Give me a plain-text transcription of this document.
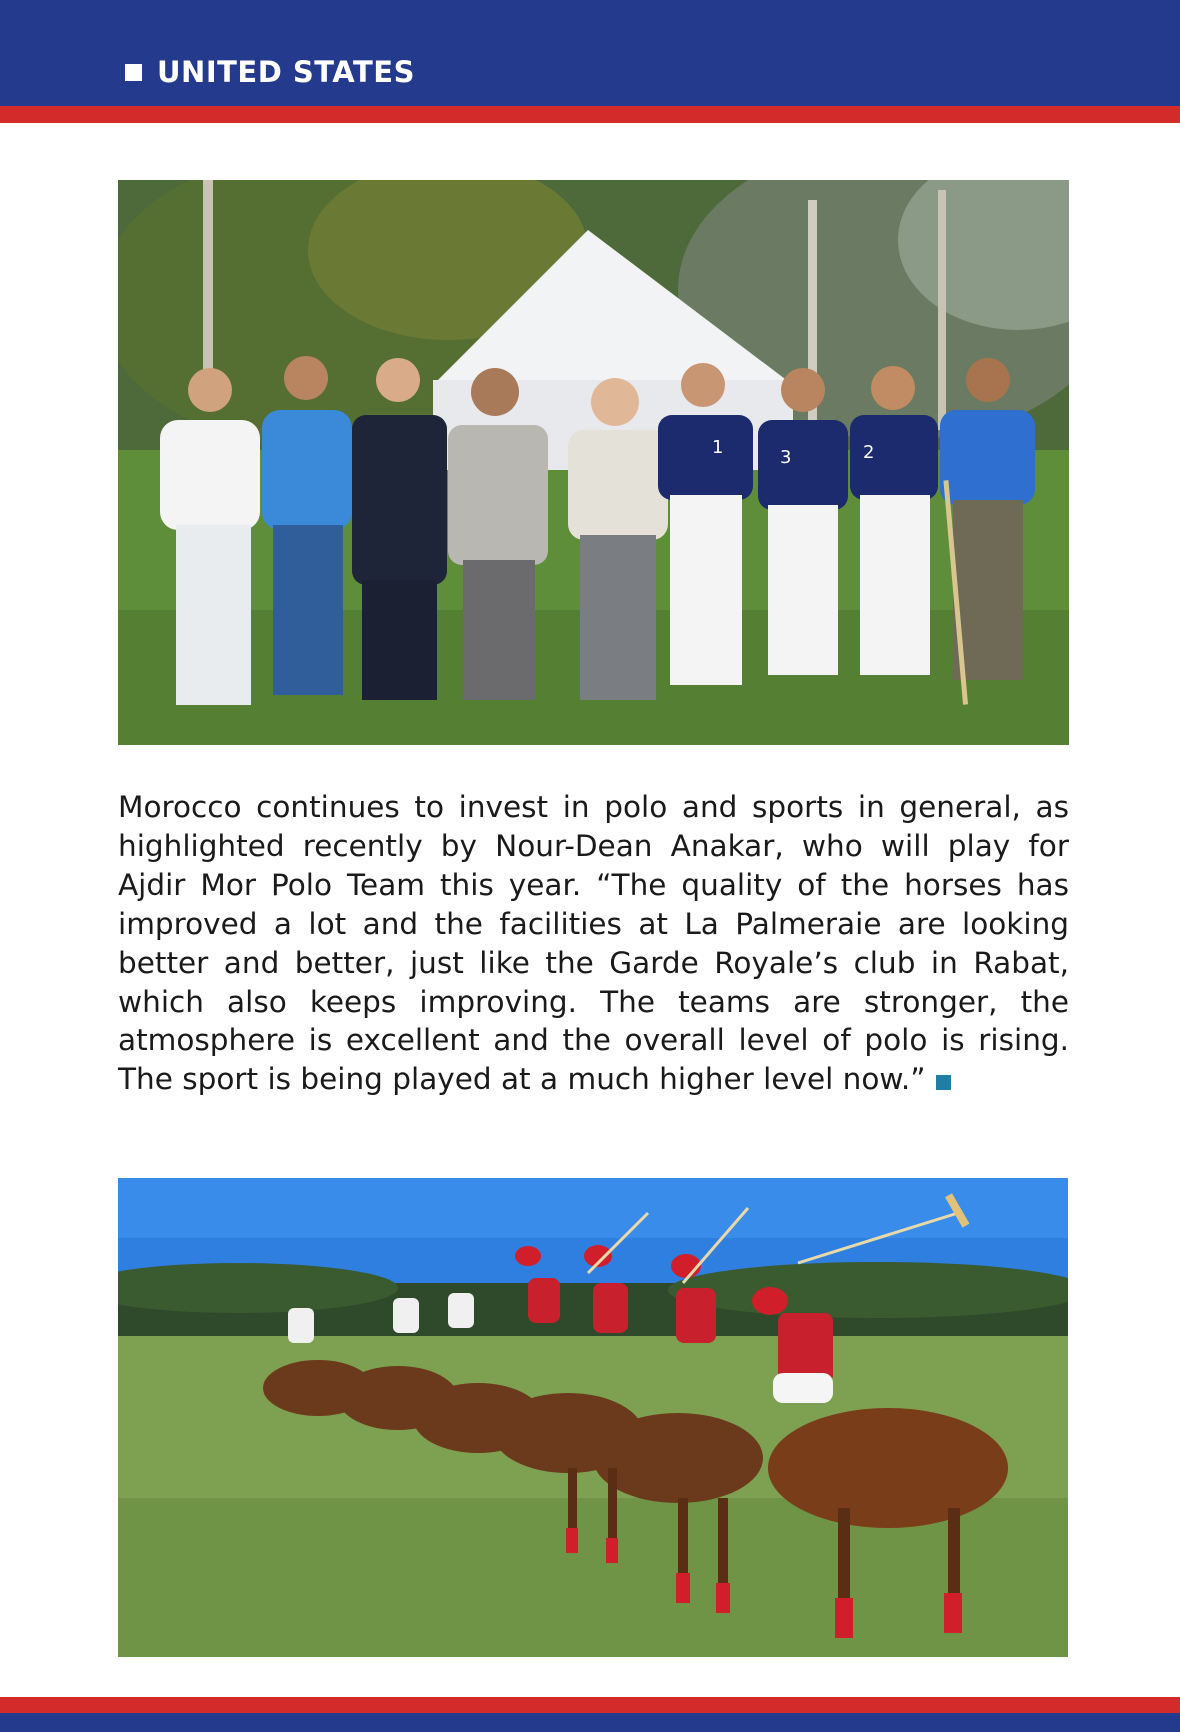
UNITED STATES
1	3	2
Morocco continues to invest in polo and sports in general, as highlighted recently by Nour-Dean Anakar, who will play for Ajdir Mor Polo Team this year. “The quality of the horses has improved a lot and the facilities at La Palmeraie are looking better and better, just like the Garde Royale’s club in Rabat, which also keeps improving. The teams are stronger, the atmosphere is excellent and the overall level of polo is rising. The sport is being played at a much higher level now.”
